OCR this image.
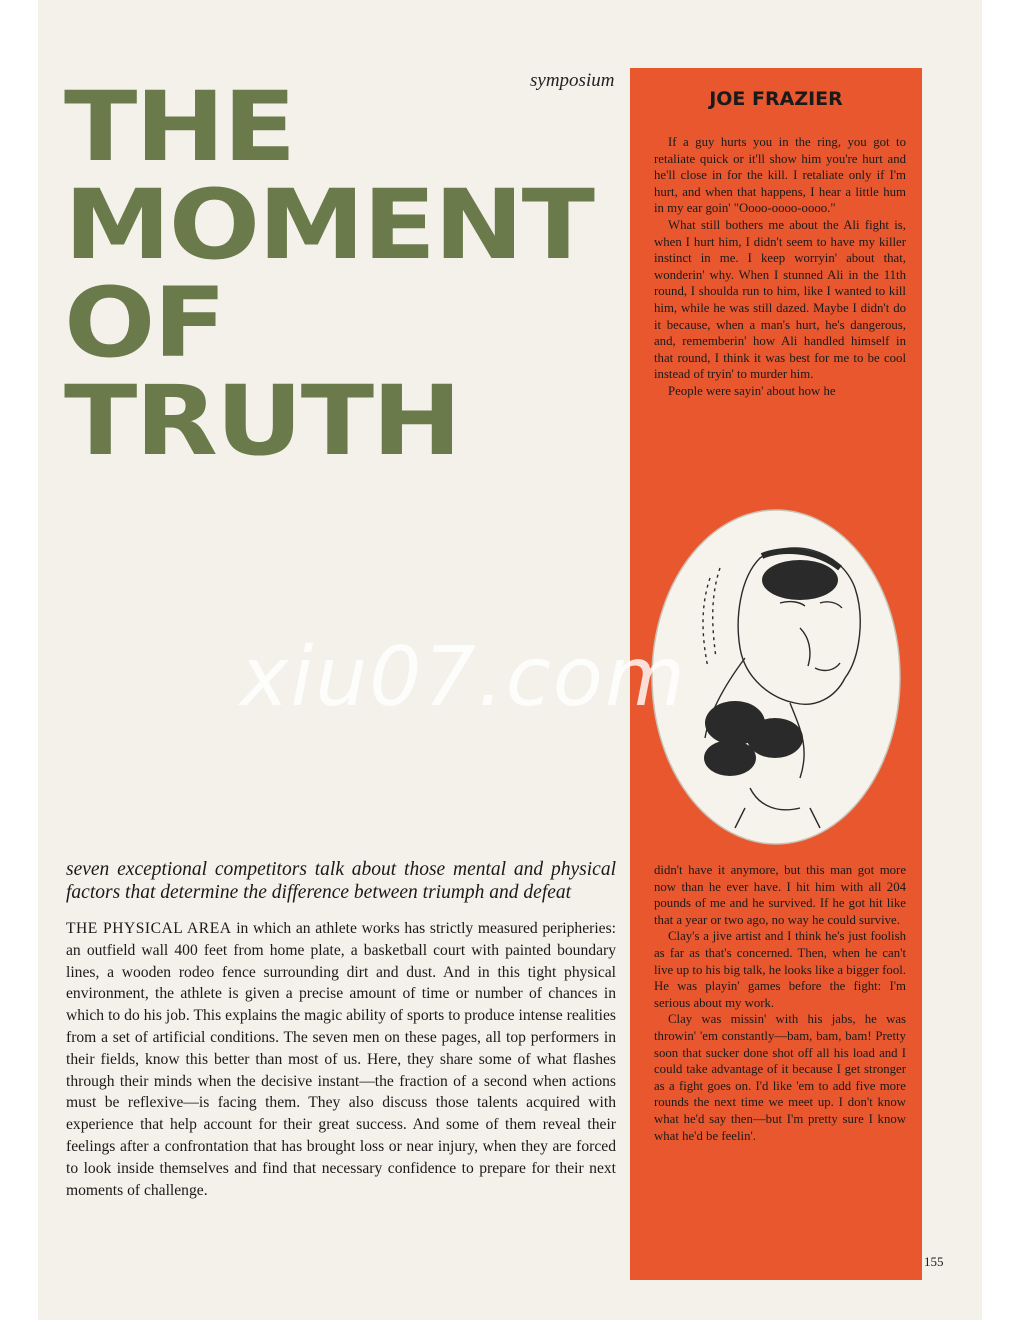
symposium
THE
MOMENT
OF
TRUTH
JOE FRAZIER

If a guy hurts you in the ring, you got to retaliate quick or it'll show him you're hurt and he'll close in for the kill. I retaliate only if I'm hurt, and when that happens, I hear a little hum in my ear goin' "Oooo-oooo-oooo."

What still bothers me about the Ali fight is, when I hurt him, I didn't seem to have my killer instinct in me. I keep worryin' about that, wonderin' why. When I stunned Ali in the 11th round, I shoulda run to him, like I wanted to kill him, while he was still dazed. Maybe I didn't do it because, when a man's hurt, he's dangerous, and, rememberin' how Ali handled himself in that round, I think it was best for me to be cool instead of tryin' to murder him.

People were sayin' about how he

didn't have it anymore, but this man got more now than he ever have. I hit him with all 204 pounds of me and he survived. If he got hit like that a year or two ago, no way he could survive.

Clay's a jive artist and I think he's just foolish as far as that's concerned. Then, when he can't live up to his big talk, he looks like a bigger fool. He was playin' games before the fight: I'm serious about my work.

Clay was missin' with his jabs, he was throwin' 'em constantly—bam, bam, bam! Pretty soon that sucker done shot off all his load and I could take advantage of it because I get stronger as a fight goes on. I'd like 'em to add five more rounds the next time we meet up. I don't know what he'd say then—but I'm pretty sure I know what he'd be feelin'.

seven exceptional competitors talk about those mental and physical factors that determine the difference between triumph and defeat

THE PHYSICAL AREA in which an athlete works has strictly measured peripheries: an outfield wall 400 feet from home plate, a basketball court with painted boundary lines, a wooden rodeo fence surrounding dirt and dust. And in this tight physical environment, the athlete is given a precise amount of time or number of chances in which to do his job. This explains the magic ability of sports to produce intense realities from a set of artificial conditions. The seven men on these pages, all top performers in their fields, know this better than most of us. Here, they share some of what flashes through their minds when the decisive instant—the fraction of a second when actions must be reflexive—is facing them. They also discuss those talents acquired with experience that help account for their great success. And some of them reveal their feelings after a confrontation that has brought loss or near injury, when they are forced to look inside themselves and find that necessary confidence to prepare for their next moments of challenge.

155
xiu07.com
